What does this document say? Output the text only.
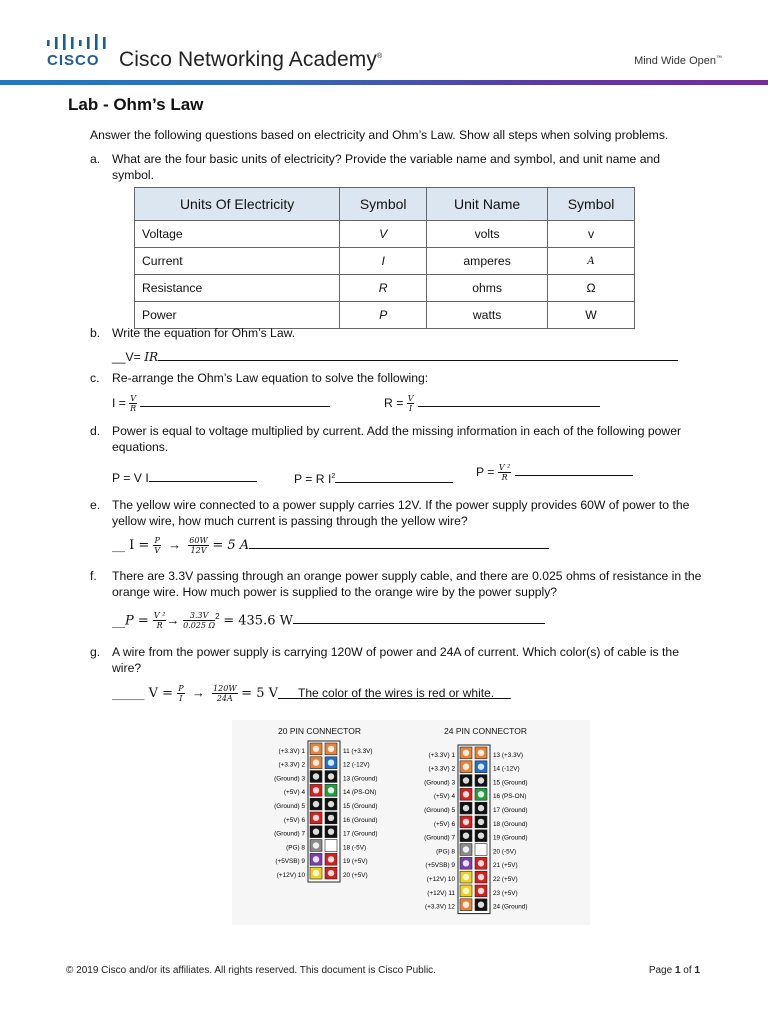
CISCO Cisco Networking Academy®	Mind Wide Open™
Lab - Ohm’s Law
Answer the following questions based on electricity and Ohm’s Law. Show all steps when solving problems.
a. What are the four basic units of electricity? Provide the variable name and symbol, and unit name and symbol.
Units Of Electricity	Symbol	Unit Name	Symbol
Voltage	V	volts	v
Current	I	amperes	A
Resistance	R	ohms	Ω
Power	P	watts	W
b. Write the equation for Ohm’s Law.
__V= IR
c. Re-arrange the Ohm’s Law equation to solve the following:
$I = \frac{V}{R}$
	$R = \frac{V}{I}$

d. Power is equal to voltage multiplied by current. Add the missing information in each of the following power equations.
P = V I	P = R $I^2$	$P = \frac{\text{V ²}}{R}$

e. The yellow wire connected to a power supply carries 12V. If the power supply provides 60W of power to the yellow wire, how much current is passing through the yellow wire?
__ $I = \frac{P}{V} \to \frac{60W}{12V} = 5$ A
f. There are 3.3V passing through an orange power supply cable, and there are 0.025 ohms of resistance in the orange wire. How much power is supplied to the orange wire by the power supply?
__P = $\frac{\text{V ²}}{R} \to \frac{3.3V}{0.025 \Omega} ^2 = 435.6$ W
g. A wire from the power supply is carrying 120W of power and 24A of current. Which color(s) of cable is the wire?
_____ $V = \frac{P}{I} \to \frac{120W}{24A} = 5$ V The color of the wires is red or white.
20 PIN CONNECTOR	24 PIN CONNECTOR
(+3.3V) 1
(+3.3V) 2
(Ground) 3
(+5V) 4
(Ground) 5
(+5V) 6
(Ground) 7
(PG) 8
(+5VSB) 9
(+12V) 10
11 (+3.3V)
12 (-12V)
13 (Ground)
14 (PS-ON)
15 (Ground)
16 (Ground)
17 (Ground)
18 (-5V)
19 (+5V)
20 (+5V)
(+3.3V) 1
(+3.3V) 2
(Ground) 3
(+5V) 4
(Ground) 5
(+5V) 6
(Ground) 7
(PG) 8
(+5VSB) 9
(+12V) 10
(+12V) 11
(+3.3V) 12
13 (+3.3V)
14 (-12V)
15 (Ground)
16 (PS-ON)
17 (Ground)
18 (Ground)
19 (Ground)
20 (-5V)
21 (+5V)
22 (+5V)
23 (+5V)
24 (Ground)
© 2019 Cisco and/or its affiliates. All rights reserved. This document is Cisco Public.	Page 1 of 1
